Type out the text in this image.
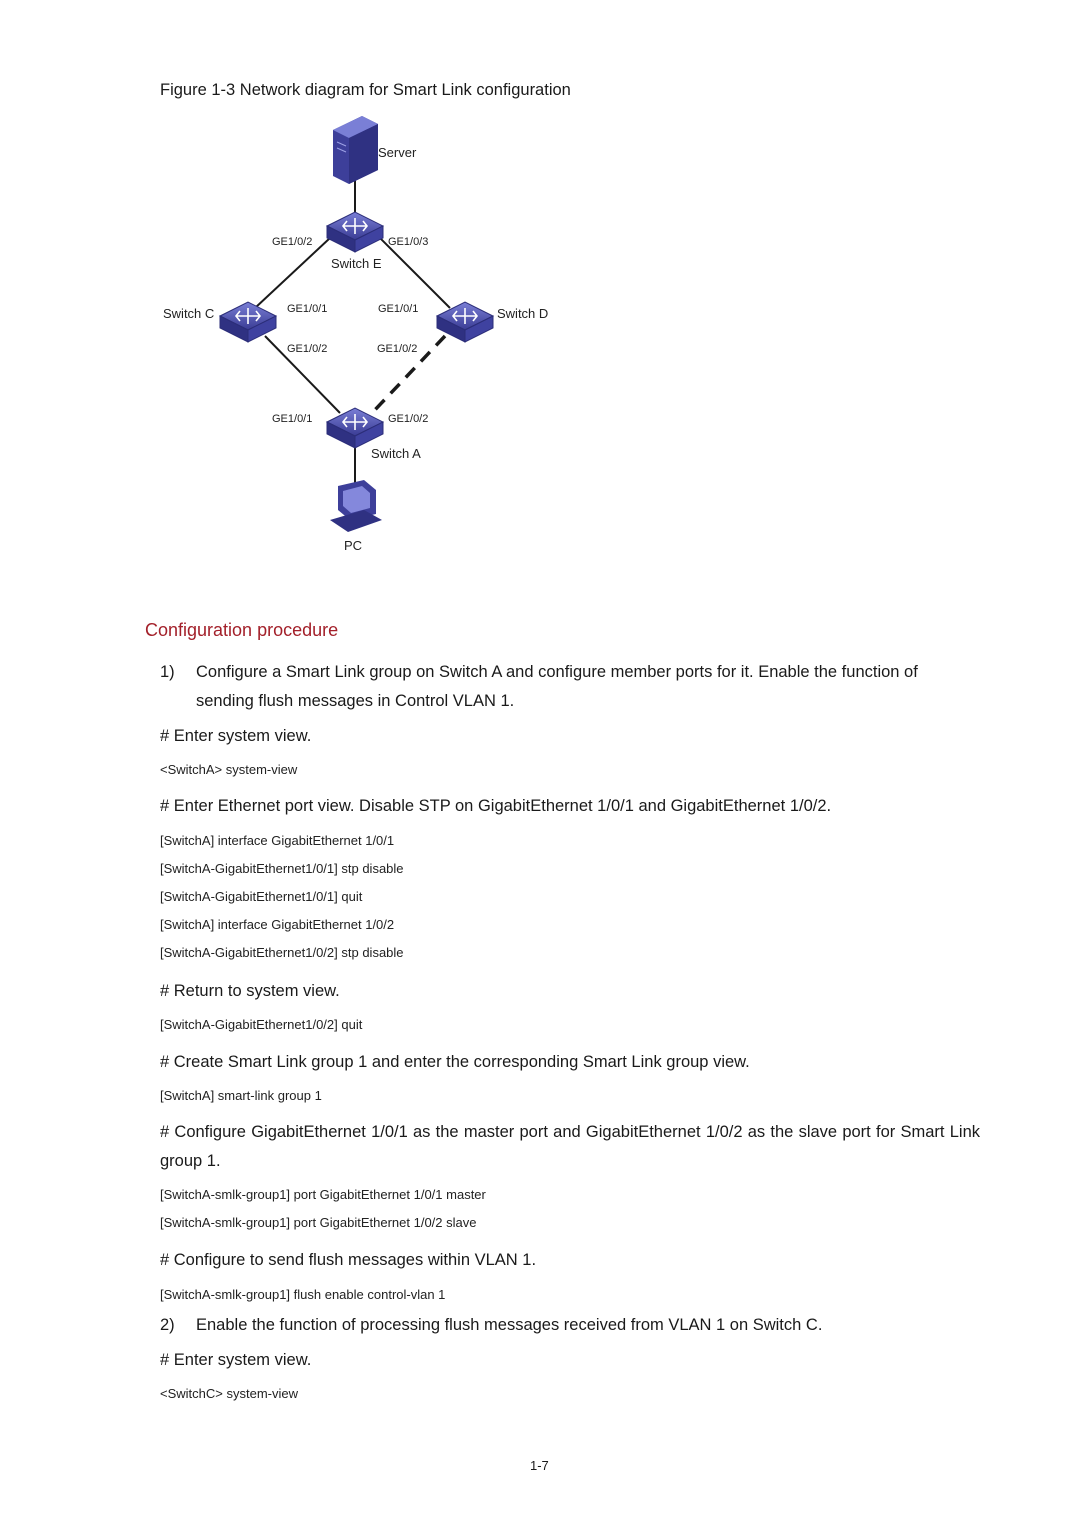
Figure 1-3 Network diagram for Smart Link configuration
Server
Switch E
Switch C	Switch D
Switch A
PC
GE1/0/2	GE1/0/3
GE1/0/1
GE1/0/2
GE1/0/1
GE1/0/2
GE1/0/1	GE1/0/2
Configuration procedure
1) Configure a Smart Link group on Switch A and configure member ports for it. Enable the function of sending flush messages in Control VLAN 1.
# Enter system view.
<SwitchA> system-view
# Enter Ethernet port view. Disable STP on GigabitEthernet 1/0/1 and GigabitEthernet 1/0/2.
[SwitchA] interface GigabitEthernet 1/0/1
[SwitchA-GigabitEthernet1/0/1] stp disable
[SwitchA-GigabitEthernet1/0/1] quit
[SwitchA] interface GigabitEthernet 1/0/2
[SwitchA-GigabitEthernet1/0/2] stp disable
# Return to system view.
[SwitchA-GigabitEthernet1/0/2] quit
# Create Smart Link group 1 and enter the corresponding Smart Link group view.
[SwitchA] smart-link group 1
# Configure GigabitEthernet 1/0/1 as the master port and GigabitEthernet 1/0/2 as the slave port for Smart Link group 1.
[SwitchA-smlk-group1] port GigabitEthernet 1/0/1 master
[SwitchA-smlk-group1] port GigabitEthernet 1/0/2 slave
# Configure to send flush messages within VLAN 1.
[SwitchA-smlk-group1] flush enable control-vlan 1
2) Enable the function of processing flush messages received from VLAN 1 on Switch C.
# Enter system view.
<SwitchC> system-view
1-7
